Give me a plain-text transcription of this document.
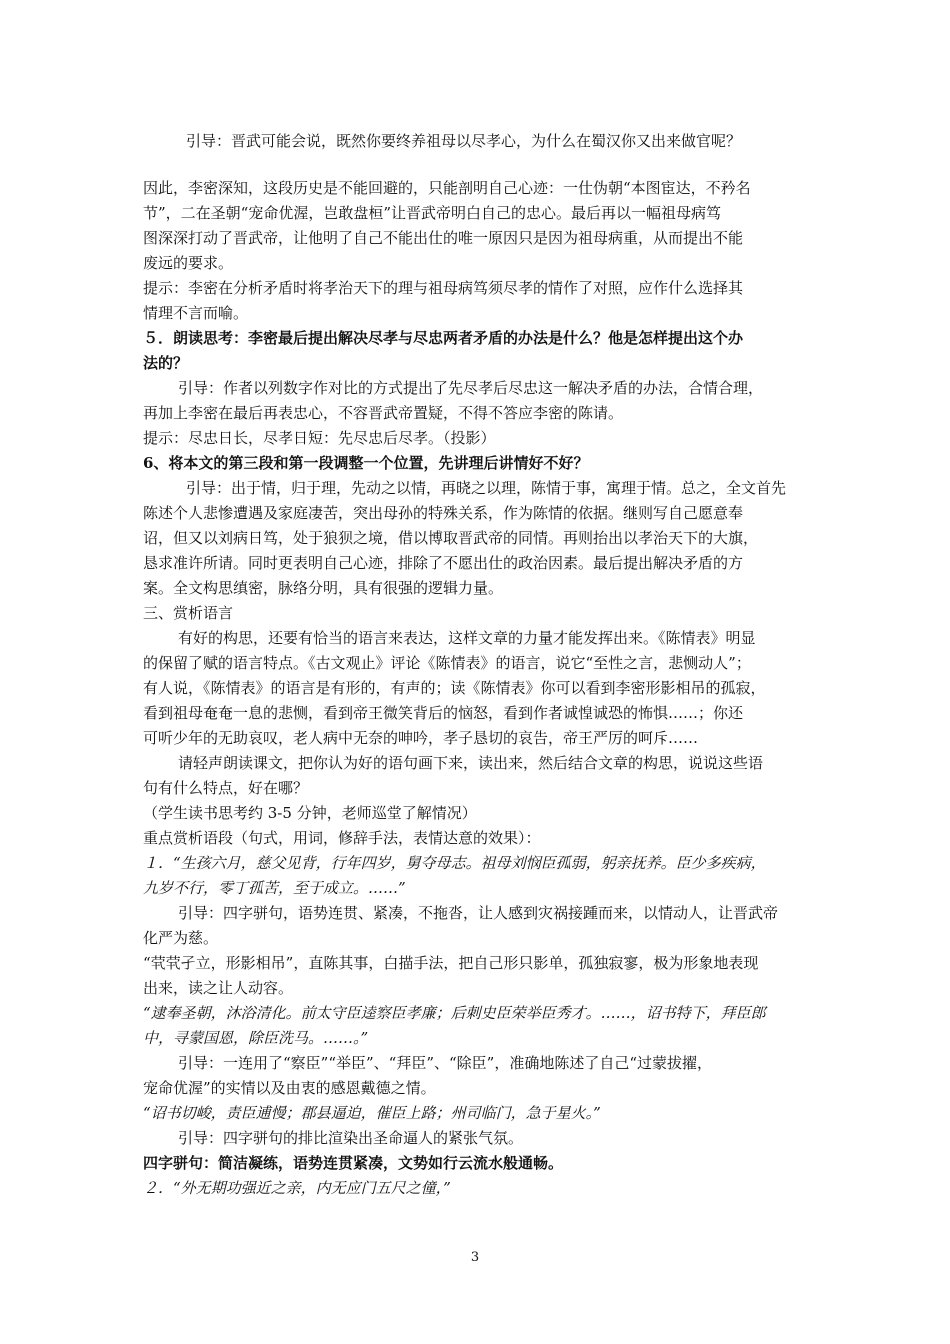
引导：晋武可能会说，既然你要终养祖母以尽孝心，为什么在蜀汉你又出来做官呢？
因此，李密深知，这段历史是不能回避的，只能剖明自己心迹：一仕伪朝“本图宦达，不矜名
节”，二在圣朝“宠命优渥，岂敢盘桓”让晋武帝明白自己的忠心。最后再以一幅祖母病笃
图深深打动了晋武帝，让他明了自己不能出仕的唯一原因只是因为祖母病重，从而提出不能
废远的要求。
提示：李密在分析矛盾时将孝治天下的理与祖母病笃须尽孝的情作了对照，应作什么选择其
情理不言而喻。
５．朗读思考：李密最后提出解决尽孝与尽忠两者矛盾的办法是什么？他是怎样提出这个办
法的？
引导：作者以列数字作对比的方式提出了先尽孝后尽忠这一解决矛盾的办法，合情合理，
再加上李密在最后再表忠心，不容晋武帝置疑，不得不答应李密的陈请。
提示：尽忠日长，尽孝日短：先尽忠后尽孝。（投影）
6、将本文的第三段和第一段调整一个位置，先讲理后讲情好不好？
引导：出于情，归于理，先动之以情，再晓之以理，陈情于事，寓理于情。总之，全文首先
陈述个人悲惨遭遇及家庭凄苦，突出母孙的特殊关系，作为陈情的依据。继则写自己愿意奉
诏，但又以刘病日笃，处于狼狈之境，借以博取晋武帝的同情。再则抬出以孝治天下的大旗，
恳求准许所请。同时更表明自己心迹，排除了不愿出仕的政治因素。最后提出解决矛盾的方
案。全文构思缜密，脉络分明，具有很强的逻辑力量。
三、赏析语言
有好的构思，还要有恰当的语言来表达，这样文章的力量才能发挥出来。《陈情表》明显
的保留了赋的语言特点。《古文观止》评论《陈情表》的语言，说它“至性之言，悲恻动人”；
有人说，《陈情表》的语言是有形的，有声的；读《陈情表》你可以看到李密形影相吊的孤寂，
看到祖母奄奄一息的悲恻，看到帝王微笑背后的恼怒，看到作者诚惶诚恐的怖惧……；你还
可听少年的无助哀叹，老人病中无奈的呻吟，孝子恳切的哀告，帝王严厉的呵斥……
请轻声朗读课文，把你认为好的语句画下来，读出来，然后结合文章的构思，说说这些语
句有什么特点，好在哪？
（学生读书思考约 3-5 分钟，老师巡堂了解情况）
重点赏析语段（句式，用词，修辞手法，表情达意的效果）：
１．“生孩六月，慈父见背，行年四岁，舅夺母志。祖母刘悯臣孤弱，躬亲抚养。臣少多疾病，
九岁不行，零丁孤苦，至于成立。……”
引导：四字骈句，语势连贯、紧凑，不拖沓，让人感到灾祸接踵而来，以情动人，让晋武帝
化严为慈。
“茕茕孑立，形影相吊”，直陈其事，白描手法，把自己形只影单，孤独寂寥，极为形象地表现
出来，读之让人动容。
“逮奉圣朝，沐浴清化。前太守臣逵察臣孝廉；后刺史臣荣举臣秀才。……，诏书特下，拜臣郎
中，寻蒙国恩，除臣洗马。……。”
引导：一连用了“察臣”“举臣”、“拜臣”、“除臣”，准确地陈述了自己“过蒙拔擢，
宠命优渥”的实情以及由衷的感恩戴德之情。
“诏书切峻，责臣逋慢；郡县逼迫，催臣上路；州司临门，急于星火。”
引导：四字骈句的排比渲染出圣命逼人的紧张气氛。
四字骈句：简洁凝练，语势连贯紧凑，文势如行云流水般通畅。
２．“外无期功强近之亲，内无应门五尺之僮，”
3
